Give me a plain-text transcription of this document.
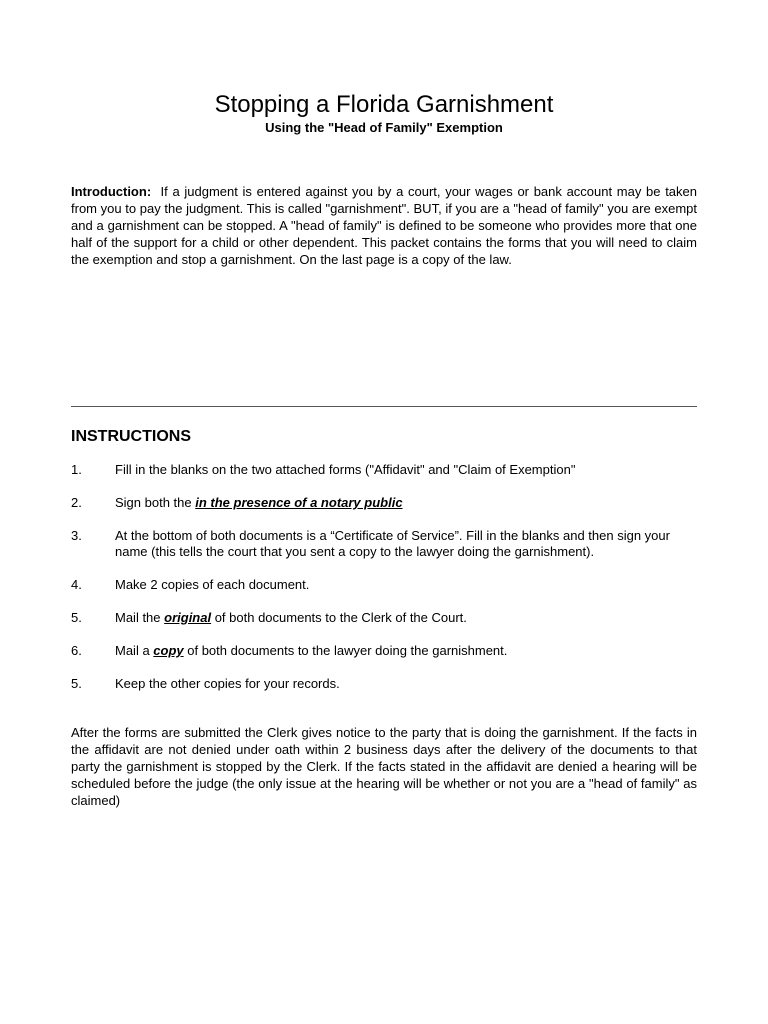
Stopping a Florida Garnishment
Using the "Head of Family" Exemption

Introduction: If a judgment is entered against you by a court, your wages or bank account may be taken from you to pay the judgment. This is called "garnishment". BUT, if you are a "head of family" you are exempt and a garnishment can be stopped. A "head of family" is defined to be someone who provides more that one half of the support for a child or other dependent. This packet contains the forms that you will need to claim the exemption and stop a garnishment. On the last page is a copy of the law.

INSTRUCTIONS
1.	Fill in the blanks on the two attached forms ("Affidavit" and "Claim of Exemption"
2.	Sign both the in the presence of a notary public
3.	At the bottom of both documents is a “Certificate of Service”. Fill in the blanks and then sign your name (this tells the court that you sent a copy to the lawyer doing the garnishment).
4.	Make 2 copies of each document.
5.	Mail the original of both documents to the Clerk of the Court.
6.	Mail a copy of both documents to the lawyer doing the garnishment.
5.	Keep the other copies for your records.

After the forms are submitted the Clerk gives notice to the party that is doing the garnishment. If the facts in the affidavit are not denied under oath within 2 business days after the delivery of the documents to that party the garnishment is stopped by the Clerk. If the facts stated in the affidavit are denied a hearing will be scheduled before the judge (the only issue at the hearing will be whether or not you are a "head of family" as claimed)
